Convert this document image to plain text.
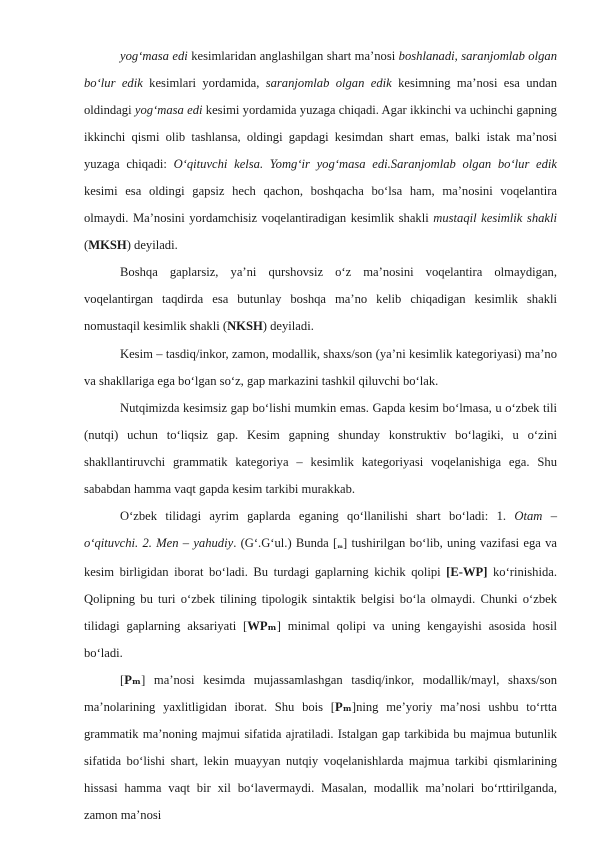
yog‘masa edi kesimlaridan anglashilgan shart ma’nosi boshlanadi, saranjomlab olgan bo‘lur edik kesimlari yordamida, saranjomlab olgan edik kesimning ma’nosi esa undan oldindagi yog‘masa edi kesimi yordamida yuzaga chiqadi. Agar ikkinchi va uchinchi gapning ikkinchi qismi olib tashlansa, oldingi gapdagi kesimdan shart emas, balki istak ma’nosi yuzaga chiqadi: O‘qituvchi kelsa. Yomg‘ir yog‘masa edi.Saranjomlab olgan bo‘lur edik kesimi esa oldingi gapsiz hech qachon, boshqacha bo‘lsa ham, ma’nosini voqelantira olmaydi. Ma’nosini yordamchisiz voqelantiradigan kesimlik shakli mustaqil kesimlik shakli (MKSH) deyiladi.

Boshqa gaplarsiz, ya’ni qurshovsiz o‘z ma’nosini voqelantira olmaydigan, voqelantirgan taqdirda esa butunlay boshqa ma’no kelib chiqadigan kesimlik shakli nomustaqil kesimlik shakli (NKSH) deyiladi.

Kesim – tasdiq/inkor, zamon, modallik, shaxs/son (ya’ni kesimlik kategoriyasi) ma’no va shakllariga ega bo‘lgan so‘z, gap markazini tashkil qiluvchi bo‘lak.

Nutqimizda kesimsiz gap bo‘lishi mumkin emas. Gapda kesim bo‘lmasa, u o‘zbek tili (nutqi) uchun to‘liqsiz gap. Kesim gapning shunday konstruktiv bo‘lagiki, u o‘zini shakllantiruvchi grammatik kategoriya – kesimlik kategoriyasi voqelanishiga ega. Shu sababdan hamma vaqt gapda kesim tarkibi murakkab.

O‘zbek tilidagi ayrim gaplarda eganing qo‘llanilishi shart bo‘ladi: 1. Otam – o‘qituvchi. 2. Men – yahudiy. (G‘.G‘ul.) Bunda [ₘ] tushirilgan bo‘lib, uning vazifasi ega va kesim birligidan iborat bo‘ladi. Bu turdagi gaplarning kichik qolipi [E-WP] ko‘rinishida. Qolipning bu turi o‘zbek tilining tipologik sintaktik belgisi bo‘la olmaydi. Chunki o‘zbek tilidagi gaplarning aksariyati [WPₘ] minimal qolipi va uning kengayishi asosida hosil bo‘ladi.

[Pₘ] ma’nosi kesimda mujassamlashgan tasdiq/inkor, modallik/mayl, shaxs/son ma’nolarining yaxlitligidan iborat. Shu bois [Pₘ]ning me’yoriy ma’nosi ushbu to‘rtta grammatik ma’noning majmui sifatida ajratiladi. Istalgan gap tarkibida bu majmua butunlik sifatida bo‘lishi shart, lekin muayyan nutqiy voqelanishlarda majmua tarkibi qismlarining hissasi hamma vaqt bir xil bo‘lavermaydi. Masalan, modallik ma’nolari bo‘rttirilganda, zamon ma’nosi
